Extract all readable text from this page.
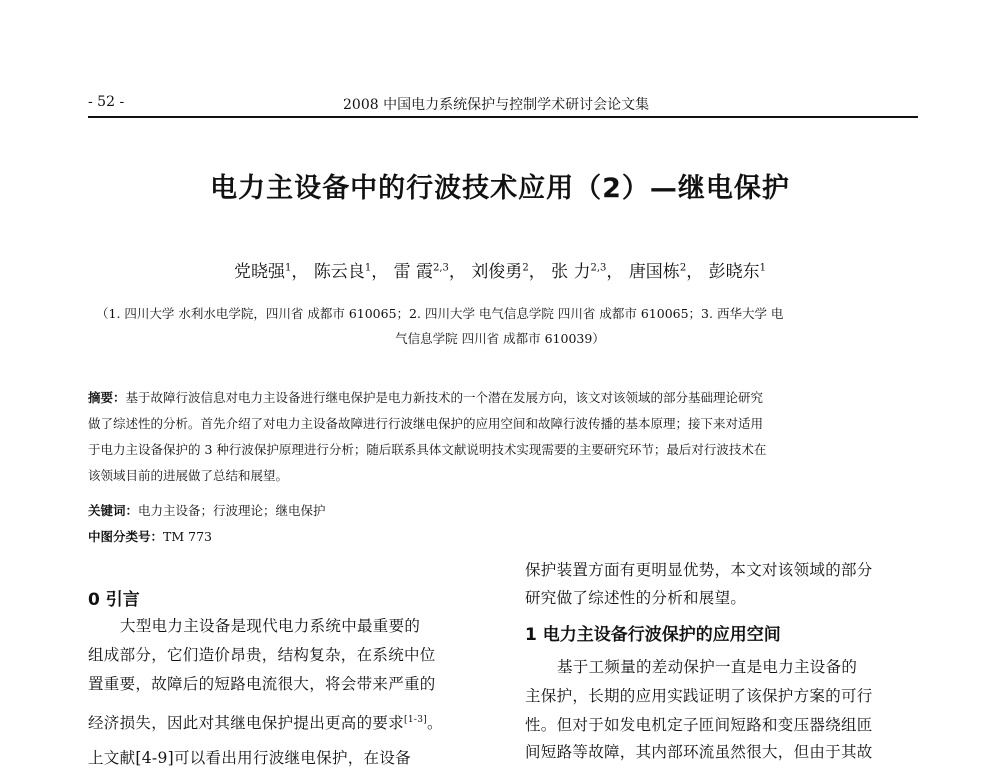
- 52 -	2008 中国电力系统保护与控制学术研讨会论文集
电力主设备中的行波技术应用（2）—继电保护
党晓强$^1$， 陈云良$^1$， 雷 霞$^{2,3}$， 刘俊勇$^2$， 张 力$^{2,3}$， 唐国栋$^2$， 彭晓东$^1$
（1. 四川大学 水利水电学院，四川省 成都市 610065；2. 四川大学 电气信息学院 四川省 成都市 610065；3. 西华大学 电
气信息学院 四川省 成都市 610039）
摘要：基于故障行波信息对电力主设备进行继电保护是电力新技术的一个潜在发展方向，该文对该领域的部分基础理论研究
做了综述性的分析。首先介绍了对电力主设备故障进行行波继电保护的应用空间和故障行波传播的基本原理；接下来对适用
于电力主设备保护的 3 种行波保护原理进行分析；随后联系具体文献说明技术实现需要的主要研究环节；最后对行波技术在
该领域目前的进展做了总结和展望。
关键词：电力主设备；行波理论；继电保护
中图分类号：TM 773
0 引言
大型电力主设备是现代电力系统中最重要的
组成部分，它们造价昂贵，结构复杂，在系统中位
置重要，故障后的短路电流很大，将会带来严重的
经济损失，因此对其继电保护提出更高的要求[1-3]。
上文献[4-9]可以看出用行波继电保护，在设备
保护装置方面有更明显优势，本文对该领域的部分
研究做了综述性的分析和展望。
1 电力主设备行波保护的应用空间
基于工频量的差动保护一直是电力主设备的
主保护，长期的应用实践证明了该保护方案的可行
性。但对于如发电机定子匝间短路和变压器绕组匝
间短路等故障，其内部环流虽然很大，但由于其故
